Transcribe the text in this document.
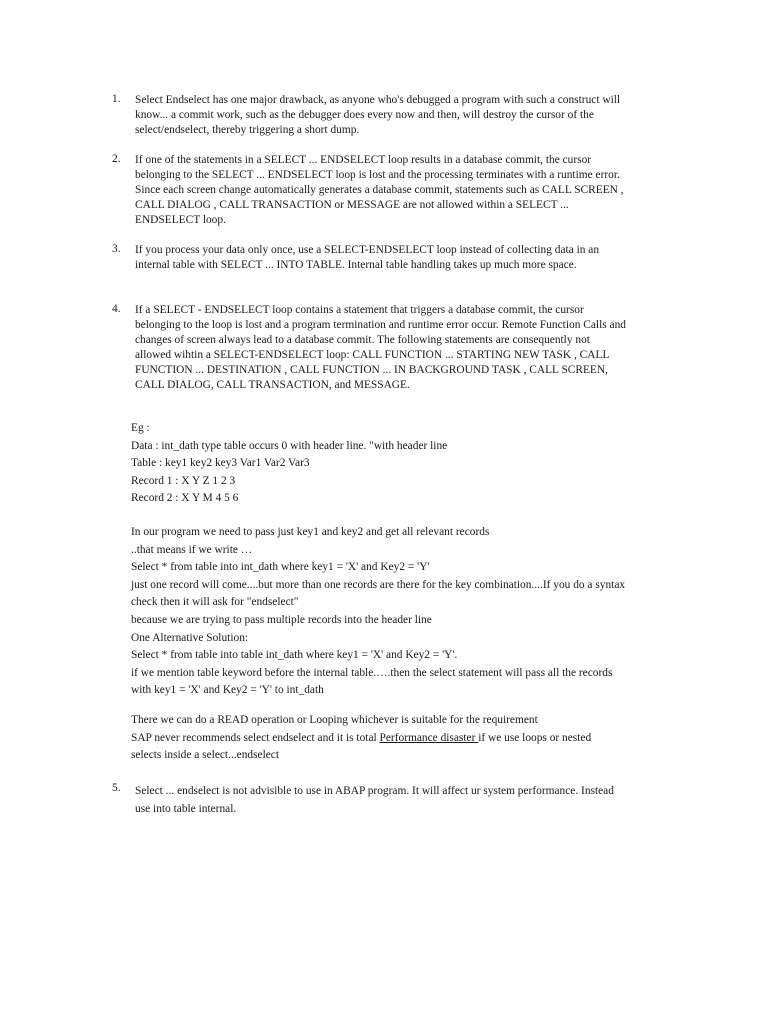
1. Select Endselect has one major drawback, as anyone who's debugged a program with such a construct will
know... a commit work, such as the debugger does every now and then, will destroy the cursor of the
select/endselect, thereby triggering a short dump.
2. If one of the statements in a SELECT ... ENDSELECT loop results in a database commit, the cursor
belonging to the SELECT ... ENDSELECT loop is lost and the processing terminates with a runtime error.
Since each screen change automatically generates a database commit, statements such as CALL SCREEN ,
CALL DIALOG , CALL TRANSACTION or MESSAGE are not allowed within a SELECT ...
ENDSELECT loop.
3. If you process your data only once, use a SELECT-ENDSELECT loop instead of collecting data in an
internal table with SELECT ... INTO TABLE. Internal table handling takes up much more space.
4. If a SELECT - ENDSELECT loop contains a statement that triggers a database commit, the cursor
belonging to the loop is lost and a program termination and runtime error occur. Remote Function Calls and
changes of screen always lead to a database commit. The following statements are consequently not
allowed wihtin a SELECT-ENDSELECT loop: CALL FUNCTION ... STARTING NEW TASK , CALL
FUNCTION ... DESTINATION , CALL FUNCTION ... IN BACKGROUND TASK , CALL SCREEN,
CALL DIALOG, CALL TRANSACTION, and MESSAGE.
Eg :
Data : int_dath type table occurs 0 with header line. "with header line
Table : key1 key2 key3 Var1 Var2 Var3
Record 1 : X Y Z 1 2 3
Record 2 : X Y M 4 5 6
In our program we need to pass just key1 and key2 and get all relevant records
..that means if we write …
Select * from table into int_dath where key1 = 'X' and Key2 = 'Y'
just one record will come....but more than one records are there for the key combination....If you do a syntax
check then it will ask for "endselect"
because we are trying to pass multiple records into the header line
One Alternative Solution:
Select * from table into table int_dath where key1 = 'X' and Key2 = 'Y'.
if we mention table keyword before the internal table.….then the select statement will pass all the records
with key1 = 'X' and Key2 = 'Y' to int_dath
There we can do a READ operation or Looping whichever is suitable for the requirement
SAP never recommends select endselect and it is total Performance disaster if we use loops or nested
selects inside a select...endselect
5. Select ... endselect is not advisible to use in ABAP program. It will affect ur system performance. Instead
use into table internal.
